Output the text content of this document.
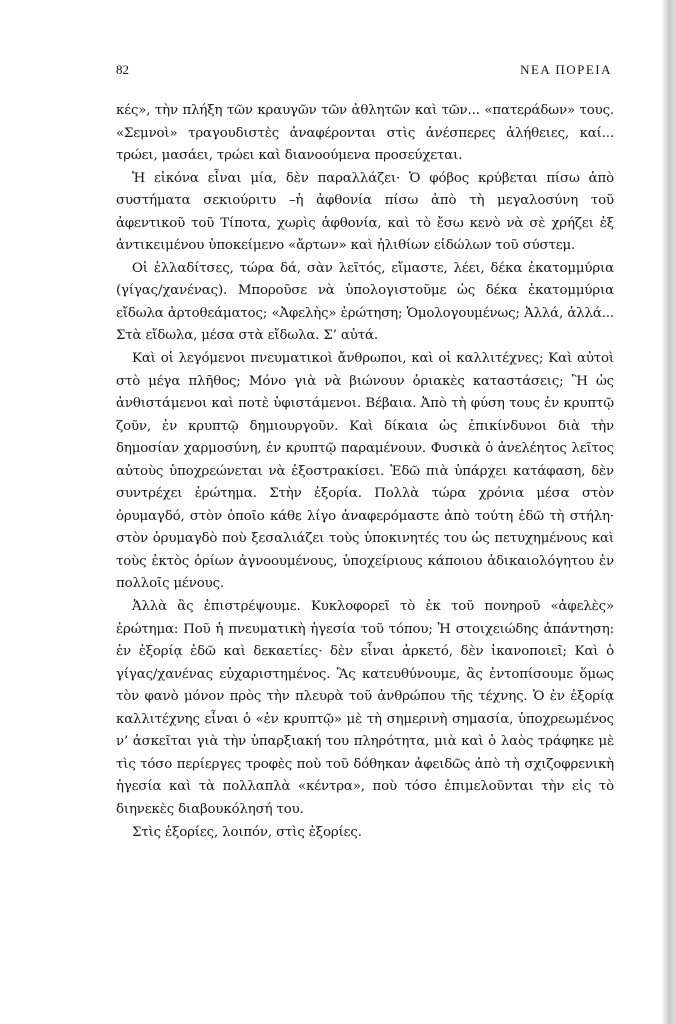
82	ΝΕΑ ΠΟΡΕΙΑ

κές», τὴν πλήξη τῶν κραυγῶν τῶν ἀθλητῶν καὶ τῶν... «πατεράδων» τους. «Σεμνοὶ» τραγουδιστὲς ἀναφέρονται στὶς ἀνέσπερες ἀλήθειες, καί... τρώει, μασάει, τρώει καὶ διανοούμενα προσεύχεται.

Ἡ εἰκόνα εἶναι μία, δὲν παραλλάζει· Ὁ φόβος κρύβεται πίσω ἀπὸ συστήματα σεκιούριτυ –ἡ ἀφθονία πίσω ἀπὸ τὴ μεγαλοσύνη τοῦ ἀφεντικοῦ τοῦ Τίποτα, χωρὶς ἀφθονία, καὶ τὸ ἔσω κενὸ νὰ σὲ χρήζει ἐξ ἀντικειμένου ὑποκείμενο «ἄρτων» καὶ ἠλιθίων εἰδώλων τοῦ σύστεμ.

Οἱ ἑλλαδίτσες, τώρα δά, σὰν λεῖτός, εἴμαστε, λέει, δέκα ἑκατομμύρια (γίγας/χανένας). Μποροῦσε νὰ ὑπολογιστοῦμε ὡς δέκα ἑκατομμύρια εἴδωλα ἀρτοθεάματος; «Ἀφελὴς» ἐρώτηση; Ὁμολογουμένως; Ἀλλά, ἀλλά... Στὰ εἴδωλα, μέσα στὰ εἴδωλα. Σ’ αὐτά.

Καὶ οἱ λεγόμενοι πνευματικοὶ ἄνθρωποι, καὶ οἱ καλλιτέχνες; Καὶ αὐτοὶ στὸ μέγα πλῆθος; Μόνο γιὰ νὰ βιώνουν ὁριακὲς καταστάσεις; Ἢ ὡς ἀνθιστάμενοι καὶ ποτὲ ὑφιστάμενοι. Βέβαια. Ἀπὸ τὴ φύση τους ἐν κρυπτῷ ζοῦν, ἐν κρυπτῷ δημιουργοῦν. Καὶ δίκαια ὡς ἐπικίνδυνοι διὰ τὴν δημοσίαν χαρμοσύνη, ἐν κρυπτῷ παραμένουν. Φυσικὰ ὁ ἀνελέητος λεῖτος αὐτοὺς ὑποχρεώνεται νὰ ἐξοστρακίσει. Ἐδῶ πιὰ ὑπάρχει κατάφαση, δὲν συντρέχει ἐρώτημα. Στὴν ἐξορία. Πολλὰ τώρα χρόνια μέσα στὸν ὀρυμαγδό, στὸν ὁποῖο κάθε λίγο ἀναφερόμαστε ἀπὸ τούτη ἐδῶ τὴ στήλη· στὸν ὀρυμαγδὸ ποὺ ξεσαλιάζει τοὺς ὑποκινητές του ὡς πετυχημένους καὶ τοὺς ἐκτὸς ὁρίων ἀγνοουμένους, ὑποχείριους κάποιου ἀδικαιολόγητου ἐν πολλοῖς μένους.

Ἀλλὰ ἂς ἐπιστρέψουμε. Κυκλοφορεῖ τὸ ἐκ τοῦ πονηροῦ «ἀφελὲς» ἐρώτημα: Ποῦ ἡ πνευματικὴ ἡγεσία τοῦ τόπου; Ἡ στοιχειώδης ἀπάντηση: ἐν ἐξορίᾳ ἐδῶ καὶ δεκαετίες· δὲν εἶναι ἀρκετό, δὲν ἱκανοποιεῖ; Καὶ ὁ γίγας/χανένας εὐχαριστημένος. Ἂς κατευθύνουμε, ἂς ἐντοπίσουμε ὅμως τὸν φανὸ μόνον πρὸς τὴν πλευρὰ τοῦ ἀνθρώπου τῆς τέχνης. Ὁ ἐν ἐξορίᾳ καλλιτέχνης εἶναι ὁ «ἐν κρυπτῷ» μὲ τὴ σημερινὴ σημασία, ὑποχρεωμένος ν’ ἀσκεῖται γιὰ τὴν ὑπαρξιακή του πληρότητα, μιὰ καὶ ὁ λαὸς τράφηκε μὲ τὶς τόσο περίεργες τροφὲς ποὺ τοῦ δόθηκαν ἀφειδῶς ἀπὸ τὴ σχιζοφρενικὴ ἡγεσία καὶ τὰ πολλαπλὰ «κέντρα», ποὺ τόσο ἐπιμελοῦνται τὴν εἰς τὸ διηνεκὲς διαβουκόλησή του.

Στὶς ἐξορίες, λοιπόν, στὶς ἐξορίες.
